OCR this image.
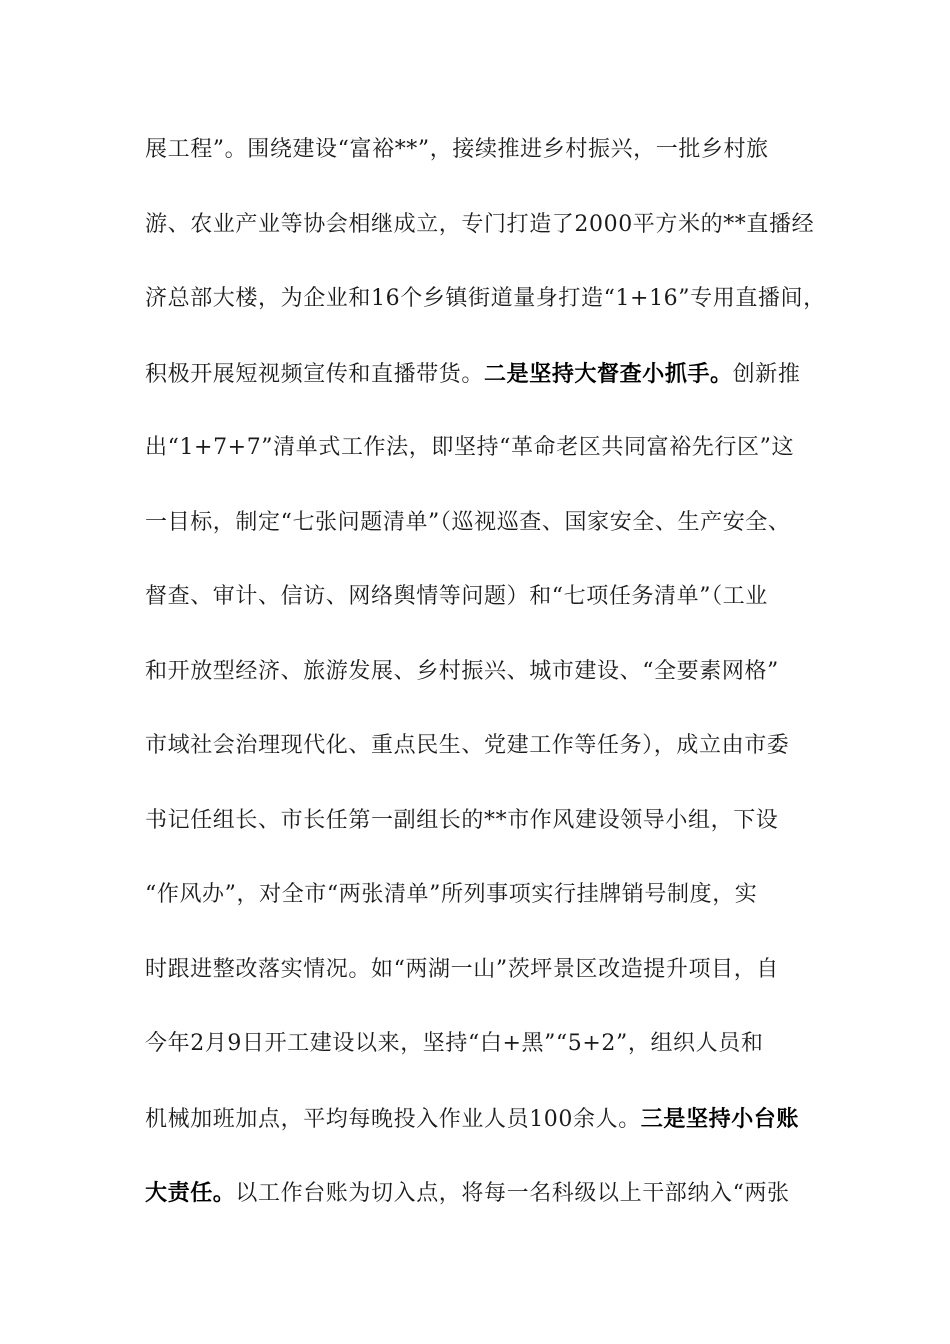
展工程”。围绕建设“富裕**”，接续推进乡村振兴，一批乡村旅
游、农业产业等协会相继成立，专门打造了2000平方米的**直播经
济总部大楼，为企业和16个乡镇街道量身打造“1+16”专用直播间，
积极开展短视频宣传和直播带货。二是坚持大督查小抓手。创新推
出“1+7+7”清单式工作法，即坚持“革命老区共同富裕先行区”这
一目标，制定“七张问题清单”（巡视巡查、国家安全、生产安全、
督查、审计、信访、网络舆情等问题）和“七项任务清单”（工业
和开放型经济、旅游发展、乡村振兴、城市建设、“全要素网格”
市域社会治理现代化、重点民生、党建工作等任务），成立由市委
书记任组长、市长任第一副组长的**市作风建设领导小组，下设
“作风办”，对全市“两张清单”所列事项实行挂牌销号制度，实
时跟进整改落实情况。如“两湖一山”茨坪景区改造提升项目，自
今年2月9日开工建设以来，坚持“白+黑”“5+2”，组织人员和
机械加班加点，平均每晚投入作业人员100余人。三是坚持小台账
大责任。以工作台账为切入点，将每一名科级以上干部纳入“两张
